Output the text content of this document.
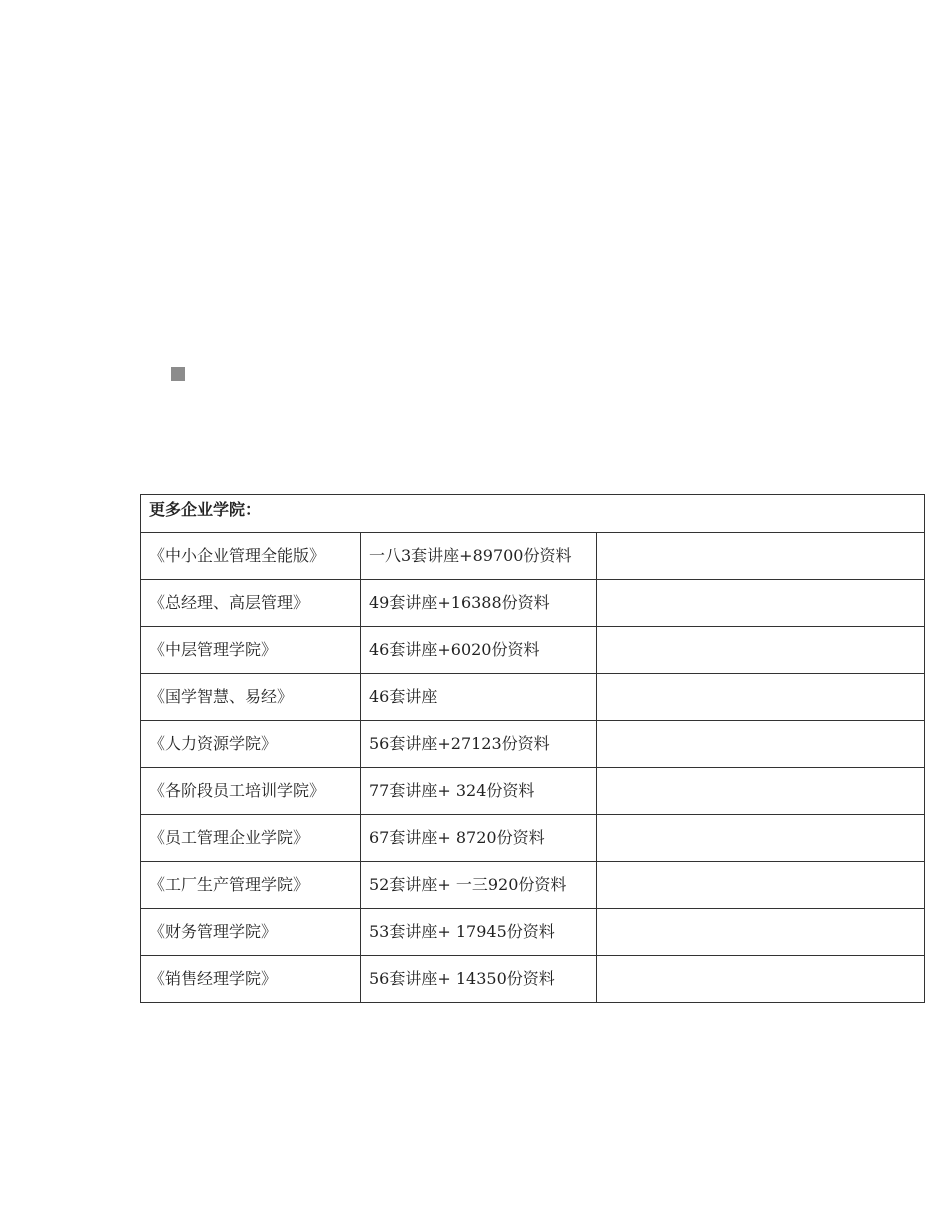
更多企业学院：		
《中小企业管理全能版》	一八3套讲座+89700份资料	
《总经理、高层管理》	49套讲座+16388份资料	
《中层管理学院》	46套讲座+6020份资料	
《国学智慧、易经》	46套讲座	
《人力资源学院》	56套讲座+27123份资料	
《各阶段员工培训学院》	77套讲座+ 324份资料	
《员工管理企业学院》	67套讲座+ 8720份资料	
《工厂生产管理学院》	52套讲座+ 一三920份资料	
《财务管理学院》	53套讲座+ 17945份资料	
《销售经理学院》	56套讲座+ 14350份资料	
